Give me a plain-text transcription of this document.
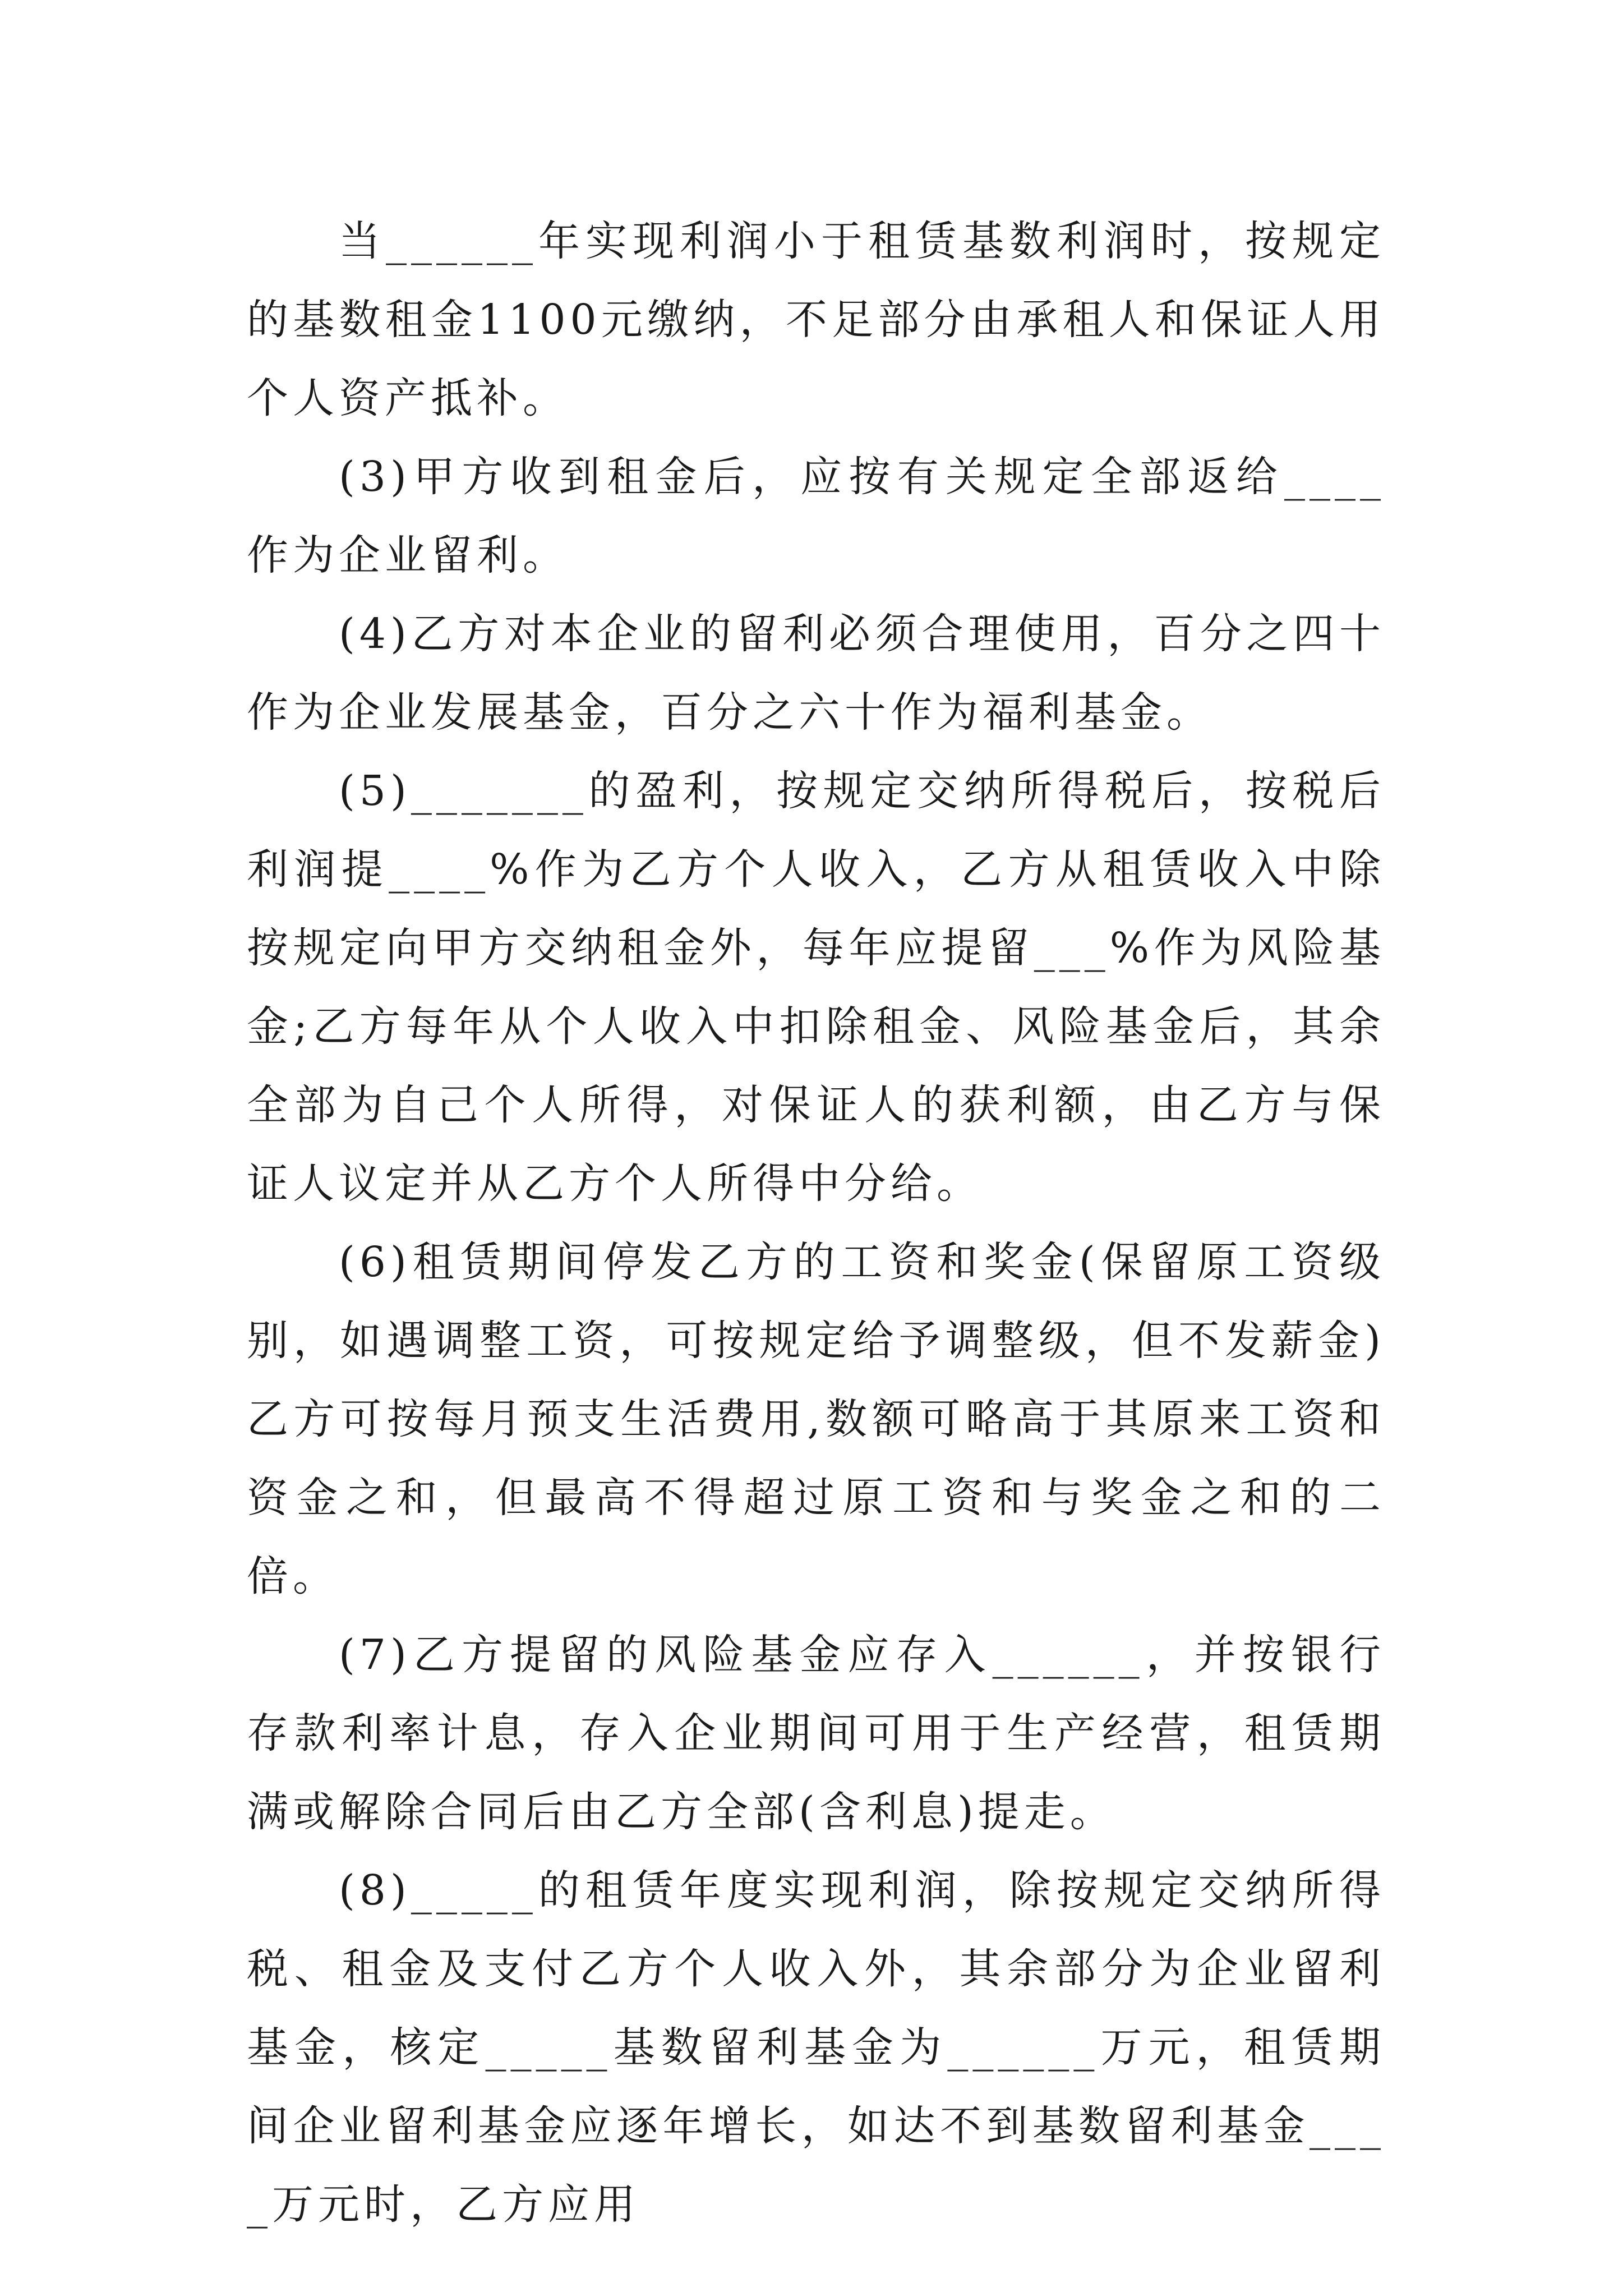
当______年实现利润小于租赁基数利润时，按规定的基数租金1100元缴纳，不足部分由承租人和保证人用个人资产抵补。

(3)甲方收到租金后，应按有关规定全部返给____作为企业留利。

(4)乙方对本企业的留利必须合理使用，百分之四十作为企业发展基金，百分之六十作为福利基金。

(5)_______的盈利，按规定交纳所得税后，按税后利润提____%作为乙方个人收入，乙方从租赁收入中除按规定向甲方交纳租金外，每年应提留___%作为风险基金;乙方每年从个人收入中扣除租金、风险基金后，其余全部为自己个人所得，对保证人的获利额，由乙方与保证人议定并从乙方个人所得中分给。

(6)租赁期间停发乙方的工资和奖金(保留原工资级别，如遇调整工资，可按规定给予调整级，但不发薪金)乙方可按每月预支生活费用,数额可略高于其原来工资和资金之和，但最高不得超过原工资和与奖金之和的二倍。

(7)乙方提留的风险基金应存入______，并按银行存款利率计息，存入企业期间可用于生产经营，租赁期满或解除合同后由乙方全部(含利息)提走。

(8)_____的租赁年度实现利润，除按规定交纳所得税、租金及支付乙方个人收入外，其余部分为企业留利基金，核定_____基数留利基金为______万元，租赁期间企业留利基金应逐年增长，如达不到基数留利基金____万元时，乙方应用
